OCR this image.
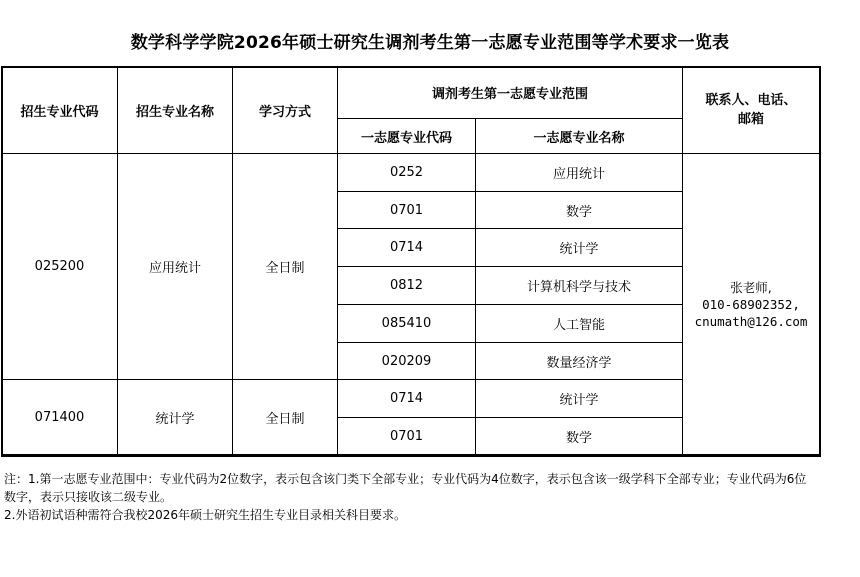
数学科学学院2026年硕士研究生调剂考生第一志愿专业范围等学术要求一览表
招生专业代码	招生专业名称	学习方式	调剂考生第一志愿专业范围		联系人、电话、邮箱
			一志愿专业代码	一志愿专业名称	
025200	应用统计	全日制	0252	应用统计	张老师,
010-68902352,
cnumath@126.com

			0701	数学	
			0714	统计学	
			0812	计算机科学与技术	
			085410	人工智能	
			020209	数量经济学	
071400	统计学	全日制	0714	统计学	
			0701	数学	
注：1.第一志愿专业范围中：专业代码为2位数字，表示包含该门类下全部专业；专业代码为4位数字，表示包含该一级学科下全部专业；专业代码为6位数字，表示只接收该二级专业。
2.外语初试语种需符合我校2026年硕士研究生招生专业目录相关科目要求。
